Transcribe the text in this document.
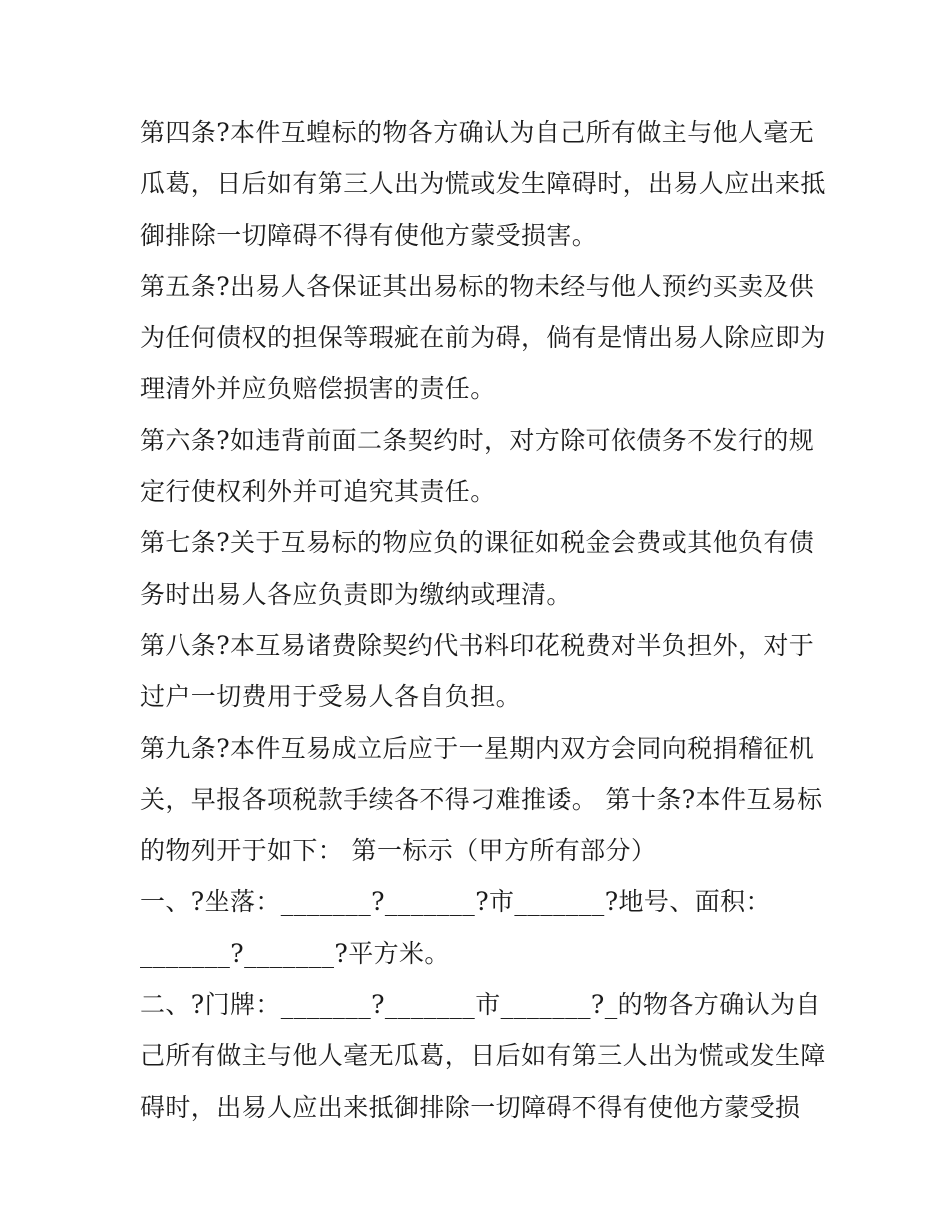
第四条?本件互蝗标的物各方确认为自己所有做主与他人毫无
瓜葛，日后如有第三人出为慌或发生障碍时，出易人应出来抵
御排除一切障碍不得有使他方蒙受损害。
第五条?出易人各保证其出易标的物未经与他人预约买卖及供
为任何债权的担保等瑕疵在前为碍，倘有是情出易人除应即为
理清外并应负赔偿损害的责任。
第六条?如违背前面二条契约时，对方除可依债务不发行的规
定行使权利外并可追究其责任。
第七条?关于互易标的物应负的课征如税金会费或其他负有债
务时出易人各应负责即为缴纳或理清。
第八条?本互易诸费除契约代书料印花税费对半负担外，对于
过户一切费用于受易人各自负担。
第九条?本件互易成立后应于一星期内双方会同向税捐稽征机
关，早报各项税款手续各不得刁难推诿。 第十条?本件互易标
的物列开于如下： 第一标示（甲方所有部分）
一、?坐落：_______?_______?市_______?地号、面积：
_______?_______?平方米。
二、?门牌：_______?_______市_______?_的物各方确认为自
己所有做主与他人毫无瓜葛，日后如有第三人出为慌或发生障
碍时，出易人应出来抵御排除一切障碍不得有使他方蒙受损
